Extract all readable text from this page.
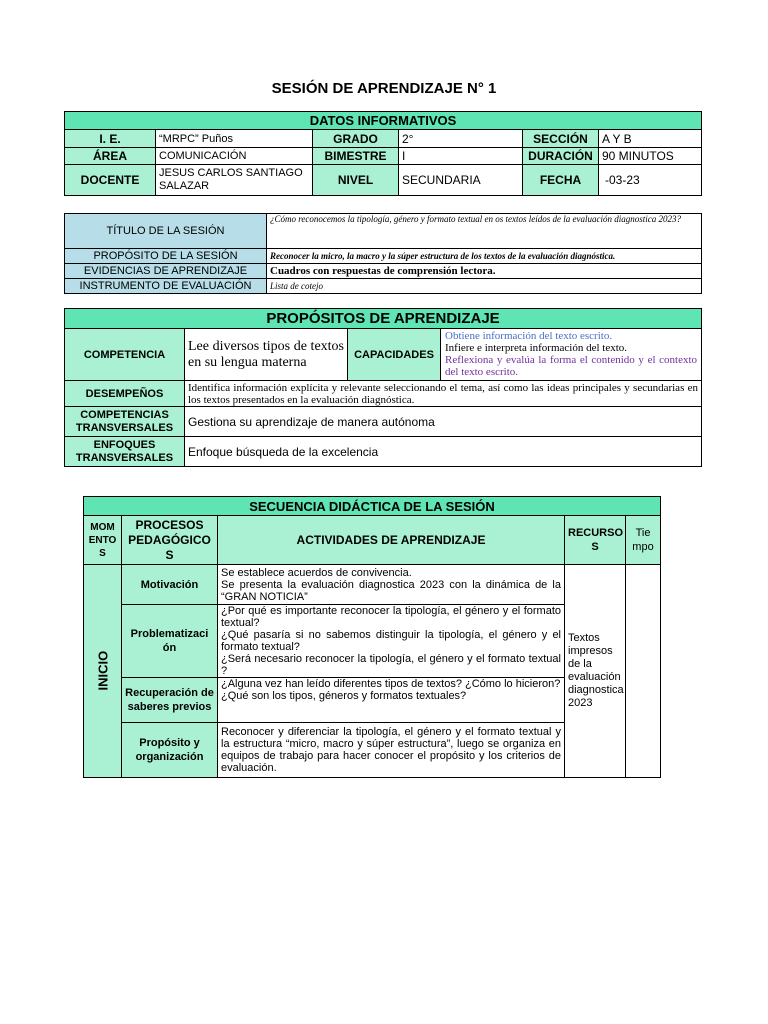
SESIÓN DE APRENDIZAJE N° 1
DATOS INFORMATIVOS					
I. E.	“MRPC” Puños	GRADO	2°	SECCIÓN	A Y B
ÁREA	COMUNICACIÓN	BIMESTRE	I	DURACIÓN	90 MINUTOS
DOCENTE	JESUS CARLOS SANTIAGO SALAZAR	NIVEL	SECUNDARIA	FECHA	-03-23
TÍTULO DE LA SESIÓN	¿Cómo reconocemos la tipología, género y formato textual en os textos leídos de la evaluación diagnostica 2023?
PROPÓSITO DE LA SESIÓN	Reconocer la micro, la macro y la súper estructura de los textos de la evaluación diagnóstica.
EVIDENCIAS DE APRENDIZAJE	Cuadros con respuestas de comprensión lectora.
INSTRUMENTO DE EVALUACIÓN	Lista de cotejo
PROPÓSITOS DE APRENDIZAJE			
COMPETENCIA	Lee diversos tipos de textos en su lengua materna	CAPACIDADES	Obtiene información del texto escrito.
Infiere e interpreta información del texto.
Reflexiona y evalúa la forma el contenido y el contexto del texto escrito.

DESEMPEÑOS	Identifica información explícita y relevante seleccionando el tema, así como las ideas principales y secundarias en los textos presentados en la evaluación diagnóstica.		
COMPETENCIAS TRANSVERSALES	Gestiona su aprendizaje de manera autónoma		
ENFOQUES TRANSVERSALES	Enfoque búsqueda de la excelencia		
SECUENCIA DIDÁCTICA DE LA SESIÓN				
MOM ENTO S	PROCESOS PEDAGÓGICO S	ACTIVIDADES DE APRENDIZAJE	RECURSO S	Tie mpo

INICIO	Motivación	Se establece acuerdos de convivencia.
Se presenta la evaluación diagnostica 2023 con la dinámica de la “GRAN NOTICIA”	Textos impresos de la evaluación diagnostica 2023	
	Problematizaci ón	¿Por qué es importante reconocer la tipología, el género y el formato textual?
¿Qué pasaría si no sabemos distinguir la tipología, el género y el formato textual?
¿Será necesario reconocer la tipología, el género y el formato textual ?		

	Recuperación de saberes previos	¿Alguna vez han leído diferentes tipos de textos? ¿Cómo lo hicieron?
¿Qué son los tipos, géneros y formatos textuales?		

	Propósito y organización	Reconocer y diferenciar la tipología, el género y el formato textual y la estructura “micro, macro y súper estructura”, luego se organiza en equipos de trabajo para hacer conocer el propósito y los criterios de evaluación.		
